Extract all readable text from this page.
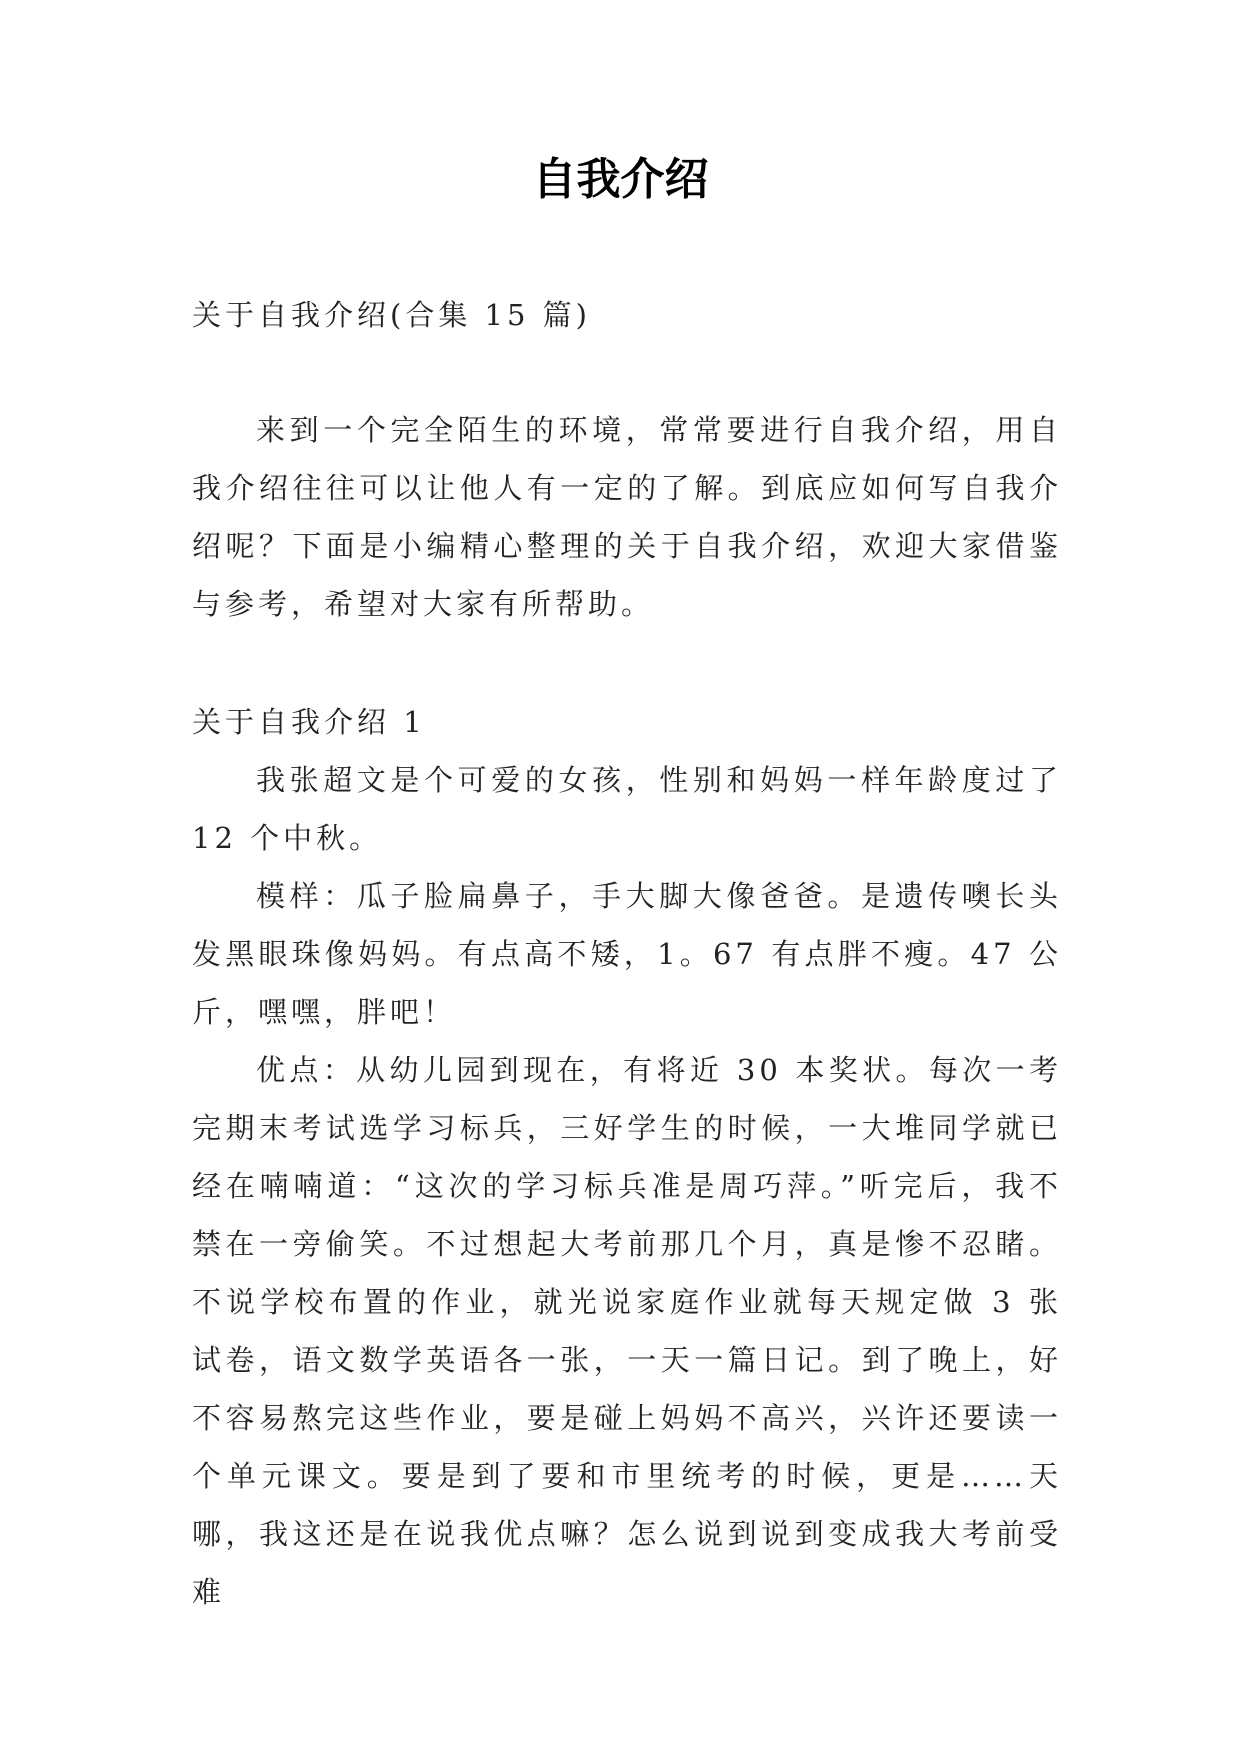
自我介绍

关于自我介绍(合集 15 篇)

来到一个完全陌生的环境，常常要进行自我介绍，用自我介绍往往可以让他人有一定的了解。到底应如何写自我介绍呢？下面是小编精心整理的关于自我介绍，欢迎大家借鉴与参考，希望对大家有所帮助。

关于自我介绍 1

我张超文是个可爱的女孩，性别和妈妈一样年龄度过了 12 个中秋。

模样：瓜子脸扁鼻子，手大脚大像爸爸。是遗传噢长头发黑眼珠像妈妈。有点高不矮，1。67 有点胖不瘦。47 公斤，嘿嘿，胖吧！

优点：从幼儿园到现在，有将近 30 本奖状。每次一考完期末考试选学习标兵，三好学生的时候，一大堆同学就已经在喃喃道：“这次的学习标兵准是周巧萍。”听完后，我不禁在一旁偷笑。不过想起大考前那几个月，真是惨不忍睹。不说学校布置的作业，就光说家庭作业就每天规定做 3 张试卷，语文数学英语各一张，一天一篇日记。到了晚上，好不容易熬完这些作业，要是碰上妈妈不高兴，兴许还要读一个单元课文。要是到了要和市里统考的时候，更是……天哪，我这还是在说我优点嘛？怎么说到说到变成我大考前受难
